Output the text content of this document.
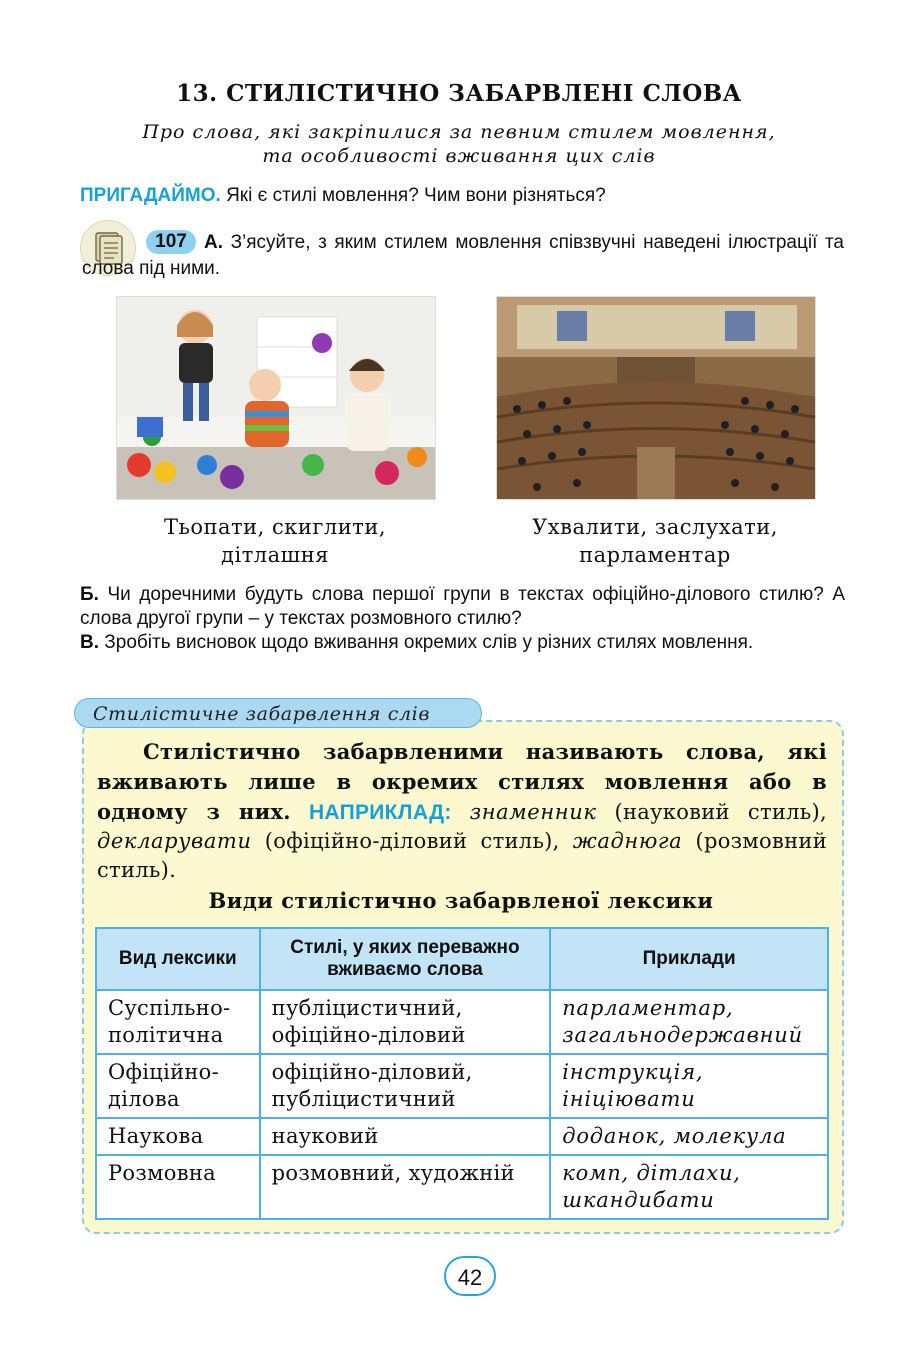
13. СТИЛІСТИЧНО ЗАБАРВЛЕНІ СЛОВА
Про слова, які закріпилися за певним стилем мовлення,
та особливості вживання цих слів
ПРИГАДАЙМО. Які є стилі мовлення? Чим вони різняться?
107 А. З’ясуйте, з яким стилем мовлення співзвучні наведені ілюстрації та слова під ними.
Тьопати, скиглити,
дітлашня
Ухвалити, заслухати,
парламентар
Б. Чи доречними будуть слова першої групи в текстах офіційно-ділового стилю? А слова другої групи – у текстах розмовного стилю?
В. Зробіть висновок щодо вживання окремих слів у різних стилях мовлення.
Стилістичне забарвлення слів
Стилістично забарвленими називають слова, які вживають лише в окремих стилях мовлення або в одному з них. НАПРИКЛАД: знаменник (науковий стиль), декларувати (офіційно-діловий стиль), жаднюга (розмовний стиль).
Види стилістично забарвленої лексики
Вид лексики	Стилі, у яких переважно вживаємо слова	Приклади
Суспільно-політична	публіцистичний, офіційно-діловий	парламентар, загальнодержавний
Офіційно-ділова	офіційно-діловий, публіцистичний	інструкція, ініціювати
Наукова	науковий	доданок, молекула
Розмовна	розмовний, художній	комп, дітлахи, шкандибати
42
